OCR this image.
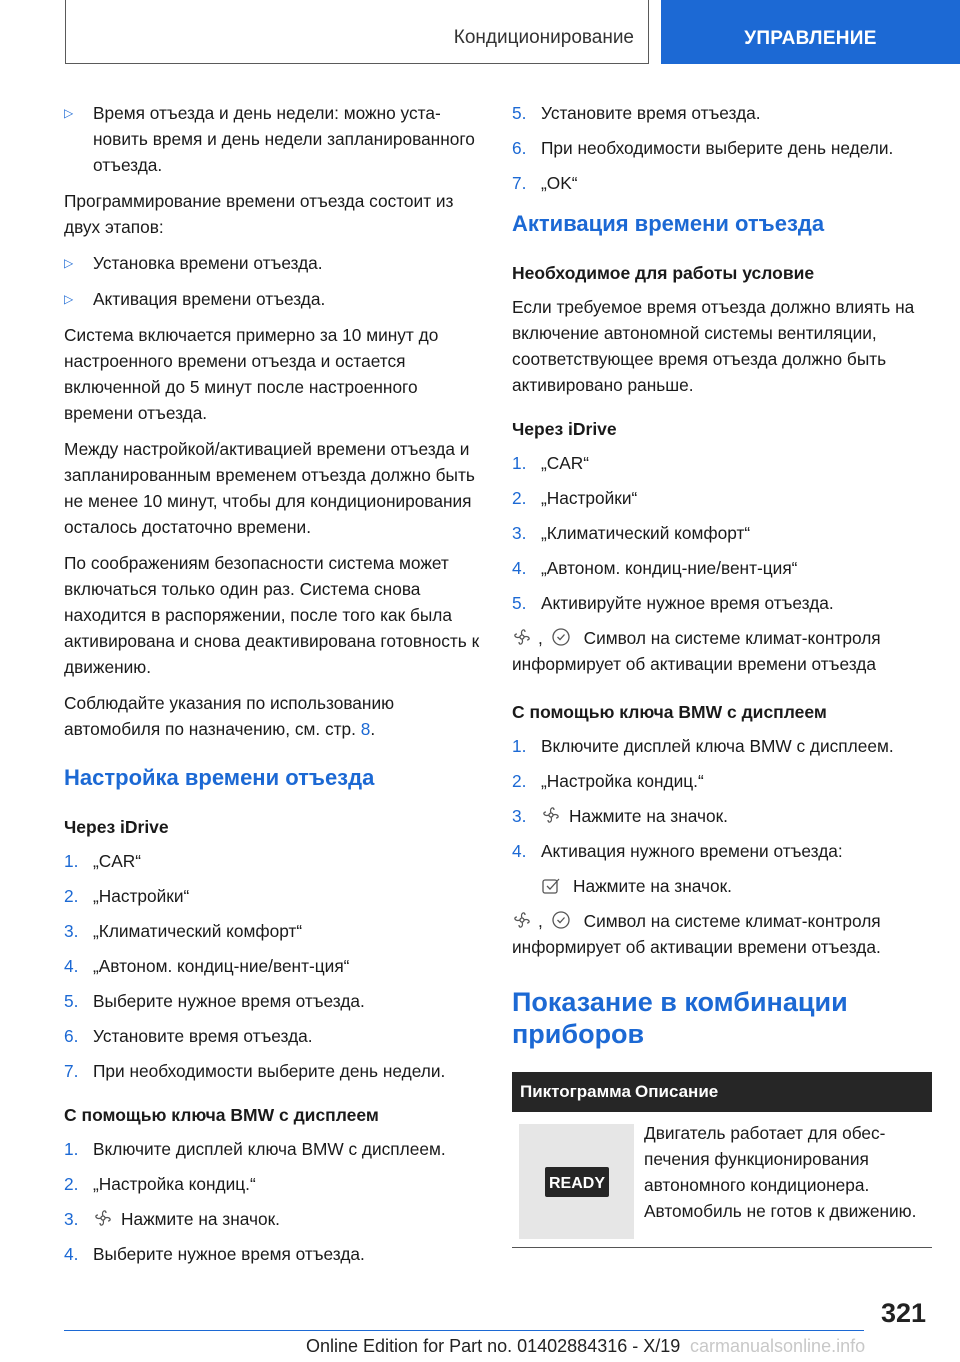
Кондиционирование	УПРАВЛЕНИЕ
▷	Время отъезда и день недели: можно установить время и день недели запланированного отъезда.

Программирование времени отъезда состоит из двух этапов:

▷	Установка времени отъезда.
▷	Активация времени отъезда.

Система включается примерно за 10 минут до настроенного времени отъезда и остается включенной до 5 минут после настроенного времени отъезда.

Между настройкой/активацией времени отъезда и запланированным временем отъезда должно быть не менее 10 минут, чтобы для кондиционирования осталось достаточно времени.

По соображениям безопасности система может включаться только один раз. Система снова находится в распоряжении, после того как была активирована и снова деактивирована готовность к движению.

Соблюдайте указания по использованию автомобиля по назначению, см. стр. 8.

Настройка времени отъезда
Через iDrive
1. „CAR“
2. „Настройки“
3. „Климатический комфорт“
4. „Автоном. кондиц-ние/вент-ция“
5. Выберите нужное время отъезда.
6. Установите время отъезда.
7. При необходимости выберите день недели.
С помощью ключа BMW с дисплеем
1. Включите дисплей ключа BMW с дисплеем.
2. „Настройка кондиц.“
3.	Нажмите на значок.
4. Выберите нужное время отъезда.
5. Установите время отъезда.
6. При необходимости выберите день недели.
7. „OK“
Активация времени отъезда
Необходимое для работы условие

Если требуемое время отъезда должно влиять на включение автономной системы вентиляции, соответствующее время отъезда должно быть активировано раньше.

Через iDrive
1. „CAR“
2. „Настройки“
3. „Климатический комфорт“
4. „Автоном. кондиц-ние/вент-ция“
5. Активируйте нужное время отъезда.

, Символ на системе климат-контроля информирует об активации времени отъезда

С помощью ключа BMW с дисплеем
1. Включите дисплей ключа BMW с дисплеем.
2. „Настройка кондиц.“
3.	Нажмите на значок.
4. Активация нужного времени отъезда:
Нажмите на значок.

, Символ на системе климат-контроля информирует об активации времени отъезда.

Показание в комбинации приборов
Пиктограмма Описание
READY
Двигатель работает для обеспечения функционирования автономного кондиционера. Автомобиль не готов к движению.
321
Online Edition for Part no. 01402884316 - X/19 carmanualsonline.info
